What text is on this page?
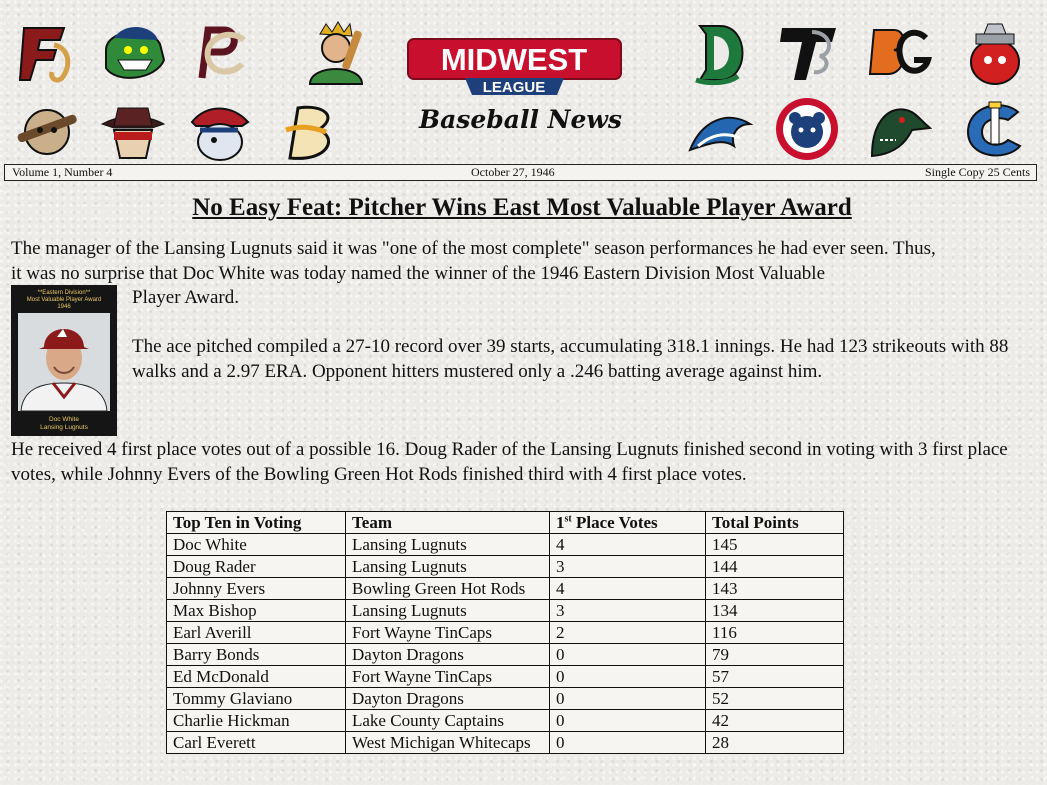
MIDWEST
LEAGUE
Baseball News
Volume 1, Number 4	October 27, 1946	Single Copy 25 Cents
No Easy Feat: Pitcher Wins East Most Valuable Player Award

The manager of the Lansing Lugnuts said it was "one of the most complete" season performances he had ever seen. Thus,

it was no surprise that Doc White was today named the winner of the 1946 Eastern Division Most Valuable

Player Award.

**Eastern Division**
Most Valuable Player Award
1946
Doc White
Lansing Lugnuts

The ace pitched compiled a 27-10 record over 39 starts, accumulating 318.1 innings. He had 123 strikeouts with 88 walks and a 2.97 ERA. Opponent hitters mustered only a .246 batting average against him.

He received 4 first place votes out of a possible 16. Doug Rader of the Lansing Lugnuts finished second in voting with 3 first place votes, while Johnny Evers of the Bowling Green Hot Rods finished third with 4 first place votes.

Top Ten in Voting	Team	1st Place Votes	Total Points
Doc White	Lansing Lugnuts	4	145
Doug Rader	Lansing Lugnuts	3	144
Johnny Evers	Bowling Green Hot Rods	4	143
Max Bishop	Lansing Lugnuts	3	134
Earl Averill	Fort Wayne TinCaps	2	116
Barry Bonds	Dayton Dragons	0	79
Ed McDonald	Fort Wayne TinCaps	0	57
Tommy Glaviano	Dayton Dragons	0	52
Charlie Hickman	Lake County Captains	0	42
Carl Everett	West Michigan Whitecaps	0	28
